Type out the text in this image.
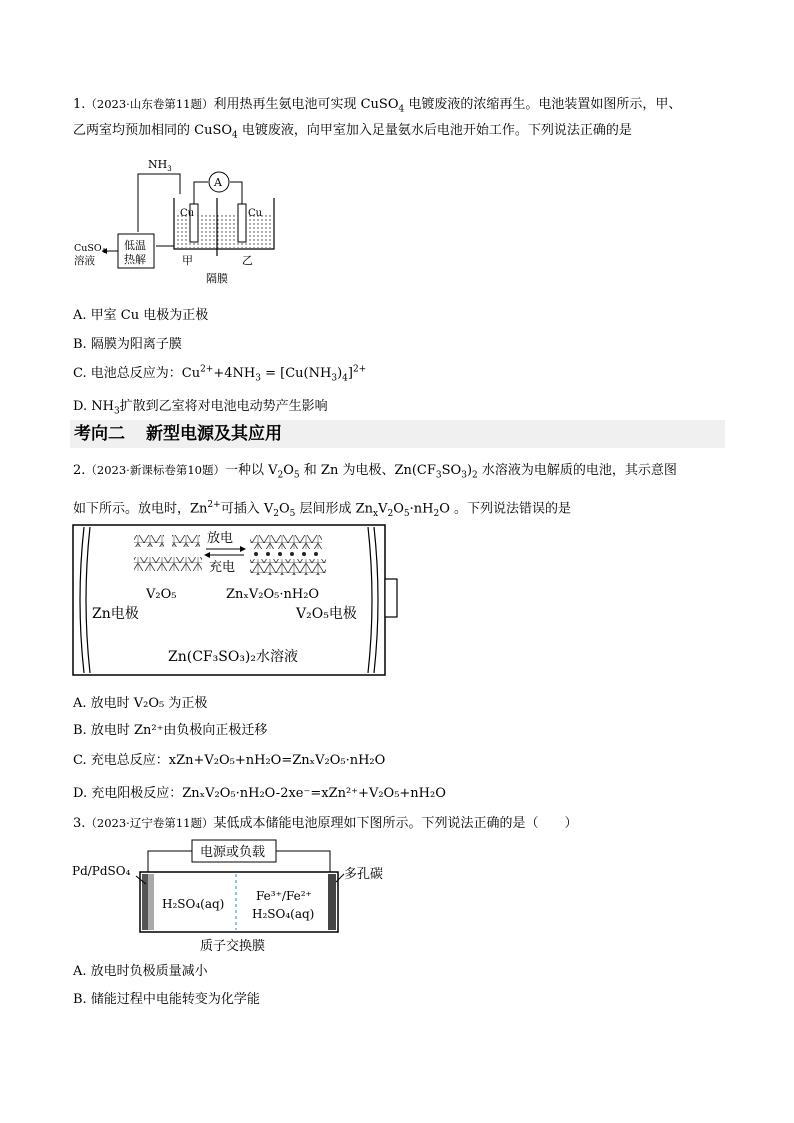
1.（2023·山东卷第11题）利用热再生氨电池可实现 CuSO$_4$ 电镀废液的浓缩再生。电池装置如图所示，甲、
乙两室均预加相同的 CuSO$_4$ 电镀废液，向甲室加入足量氨水后电池开始工作。下列说法正确的是
$NH_3$
A
Cu	Cu
低温
热解
CuSO$_4$
溶液	甲	乙
隔膜
A. 甲室 Cu 电极为正极
B. 隔膜为阳离子膜
C. 电池总反应为：$Cu^{2+}+4NH_3 = [Cu(NH_3)_4]^{2+}$
D. $NH_3$扩散到乙室将对电池电动势产生影响
考向二 新型电源及其应用
2.（2023·新课标卷第10题）一种以 $V_2O_5$ 和 Zn 为电极、$Zn(CF_3SO_3)_2$ 水溶液为电解质的电池，其示意图
如下所示。放电时，$Zn^{2+}$可插入 $V_2O_5$ 层间形成 $Zn_xV_2O_5\cdot nH_2O$ 。下列说法错误的是
放电
充电
V₂O₅	ZnₓV₂O₅·nH₂O
Zn电极	V₂O₅电极
Zn(CF₃SO₃)₂水溶液
A. 放电时 V₂O₅ 为正极
B. 放电时 Zn²⁺由负极向正极迁移
C. 充电总反应：xZn+V₂O₅+nH₂O=ZnₓV₂O₅·nH₂O
D. 充电阳极反应：ZnₓV₂O₅·nH₂O-2xe⁻=xZn²⁺+V₂O₅+nH₂O
3.（2023·辽宁卷第11题）某低成本储能电池原理如下图所示。下列说法正确的是（　　）
电源或负载
Pd/PdSO₄	多孔碳
H₂SO₄(aq)
Fe³⁺/Fe²⁺
H₂SO₄(aq)
质子交换膜
A. 放电时负极质量减小
B. 储能过程中电能转变为化学能
